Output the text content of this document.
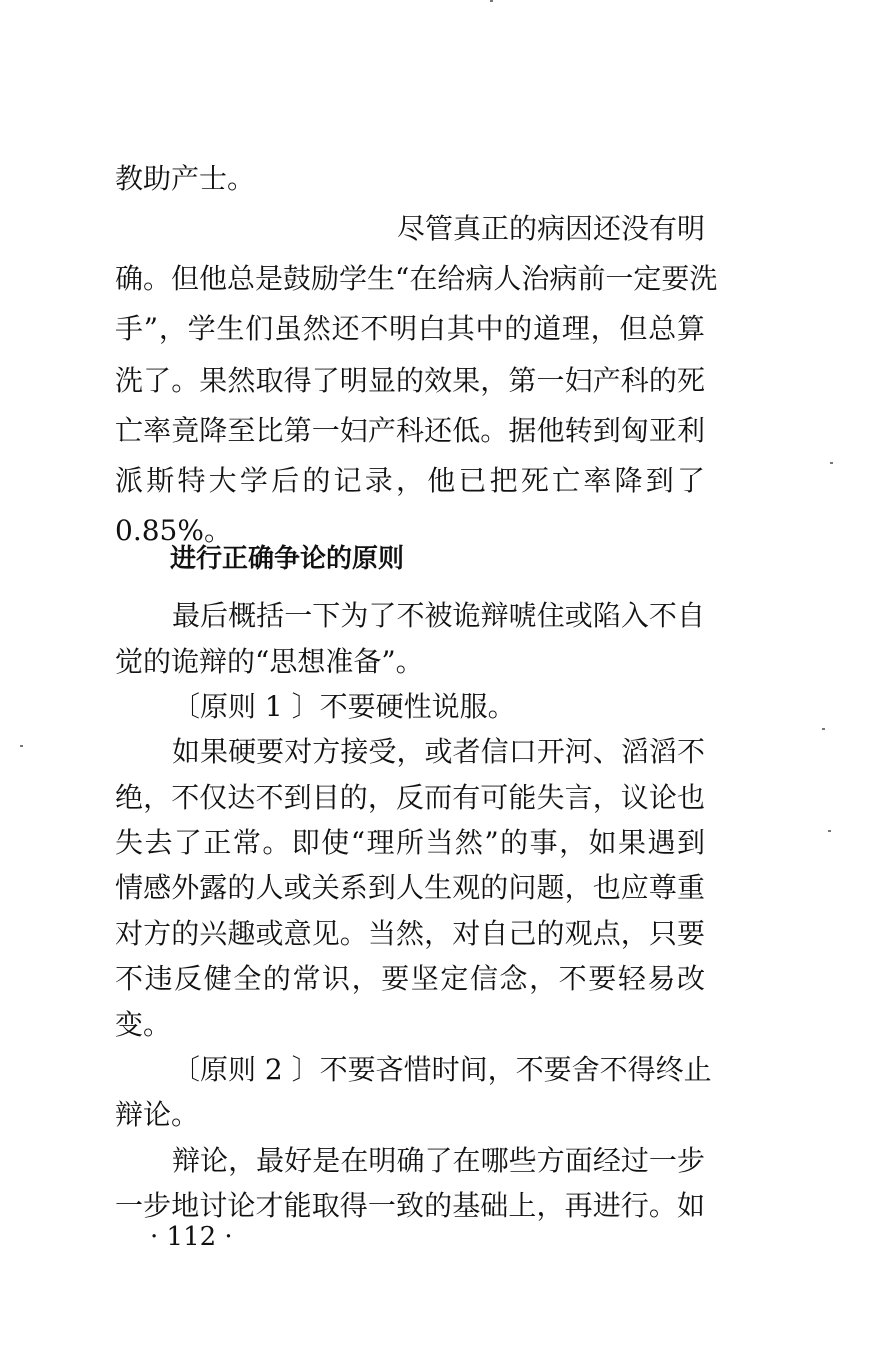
教助产士。
尽管真正的病因还没有明
确。但他总是鼓励学生“在给病人治病前一定要洗
手”，学生们虽然还不明白其中的道理，但总算
洗了。果然取得了明显的效果，第一妇产科的死
亡率竟降至比第一妇产科还低。据他转到匈亚利
派斯特大学后的记录，他已把死亡率降到了
0.85%。
进行正确争论的原则
最后概括一下为了不被诡辩唬住或陷入不自
觉的诡辩的“思想准备”。
〔原则 1 〕不要硬性说服。
如果硬要对方接受，或者信口开河、滔滔不
绝，不仅达不到目的，反而有可能失言，议论也
失去了正常。即使“理所当然”的事，如果遇到
情感外露的人或关系到人生观的问题，也应尊重
对方的兴趣或意见。当然，对自己的观点，只要
不违反健全的常识，要坚定信念，不要轻易改
变。
〔原则 2 〕不要吝惜时间，不要舍不得终止
辩论。
辩论，最好是在明确了在哪些方面经过一步
一步地讨论才能取得一致的基础上，再进行。如
· 112 ·
